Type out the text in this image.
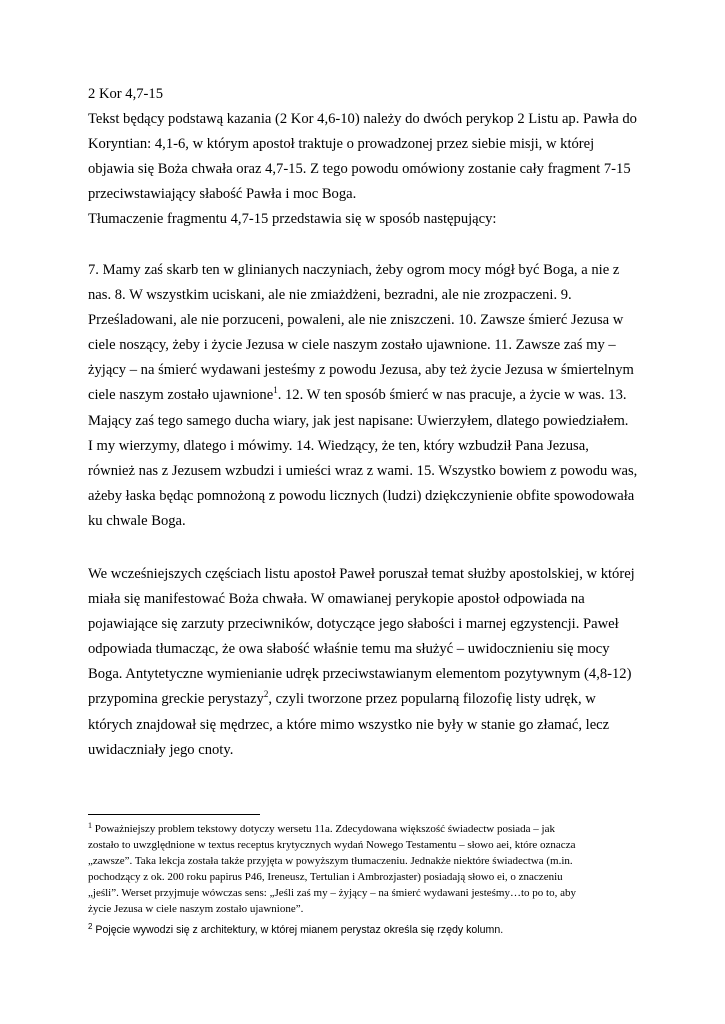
2 Kor 4,7-15
Tekst będący podstawą kazania (2 Kor 4,6-10) należy do dwóch perykop 2 Listu ap. Pawła do
Koryntian: 4,1-6, w którym apostoł traktuje o prowadzonej przez siebie misji, w której
objawia się Boża chwała oraz 4,7-15. Z tego powodu omówiony zostanie cały fragment 7-15
przeciwstawiający słabość Pawła i moc Boga.
Tłumaczenie fragmentu 4,7-15 przedstawia się w sposób następujący:
7. Mamy zaś skarb ten w glinianych naczyniach, żeby ogrom mocy mógł być Boga, a nie z
nas. 8. W wszystkim uciskani, ale nie zmiażdżeni, bezradni, ale nie zrozpaczeni. 9.
Prześladowani, ale nie porzuceni, powaleni, ale nie zniszczeni. 10. Zawsze śmierć Jezusa w
ciele noszący, żeby i życie Jezusa w ciele naszym zostało ujawnione. 11. Zawsze zaś my –
żyjący – na śmierć wydawani jesteśmy z powodu Jezusa, aby też życie Jezusa w śmiertelnym
ciele naszym zostało ujawnione$^1$. 12. W ten sposób śmierć w nas pracuje, a życie w was. 13.
Mający zaś tego samego ducha wiary, jak jest napisane: Uwierzyłem, dlatego powiedziałem.
I my wierzymy, dlatego i mówimy. 14. Wiedzący, że ten, który wzbudził Pana Jezusa,
również nas z Jezusem wzbudzi i umieści wraz z wami. 15. Wszystko bowiem z powodu was,
ażeby łaska będąc pomnożoną z powodu licznych (ludzi) dziękczynienie obfite spowodowała
ku chwale Boga.
We wcześniejszych częściach listu apostoł Paweł poruszał temat służby apostolskiej, w której
miała się manifestować Boża chwała. W omawianej perykopie apostoł odpowiada na
pojawiające się zarzuty przeciwników, dotyczące jego słabości i marnej egzystencji. Paweł
odpowiada tłumacząc, że owa słabość właśnie temu ma służyć – uwidocznieniu się mocy
Boga. Antytetyczne wymienianie udręk przeciwstawianym elementom pozytywnym (4,8-12)
przypomina greckie perystazy$^2$, czyli tworzone przez popularną filozofię listy udręk, w
których znajdował się mędrzec, a które mimo wszystko nie były w stanie go złamać, lecz
uwidaczniały jego cnoty.
$^1$ Poważniejszy problem tekstowy dotyczy wersetu 11a. Zdecydowana większość świadectw posiada – jak
zostało to uwzględnione w textus receptus krytycznych wydań Nowego Testamentu – słowo aei, które oznacza
„zawsze”. Taka lekcja została także przyjęta w powyższym tłumaczeniu. Jednakże niektóre świadectwa (m.in.
pochodzący z ok. 200 roku papirus P46, Ireneusz, Tertulian i Ambrozjaster) posiadają słowo ei, o znaczeniu
„jeśli”. Werset przyjmuje wówczas sens: „Jeśli zaś my – żyjący – na śmierć wydawani jesteśmy…to po to, aby
życie Jezusa w ciele naszym zostało ujawnione”.
$^2$ Pojęcie wywodzi się z architektury, w której mianem perystaz określa się rzędy kolumn.
